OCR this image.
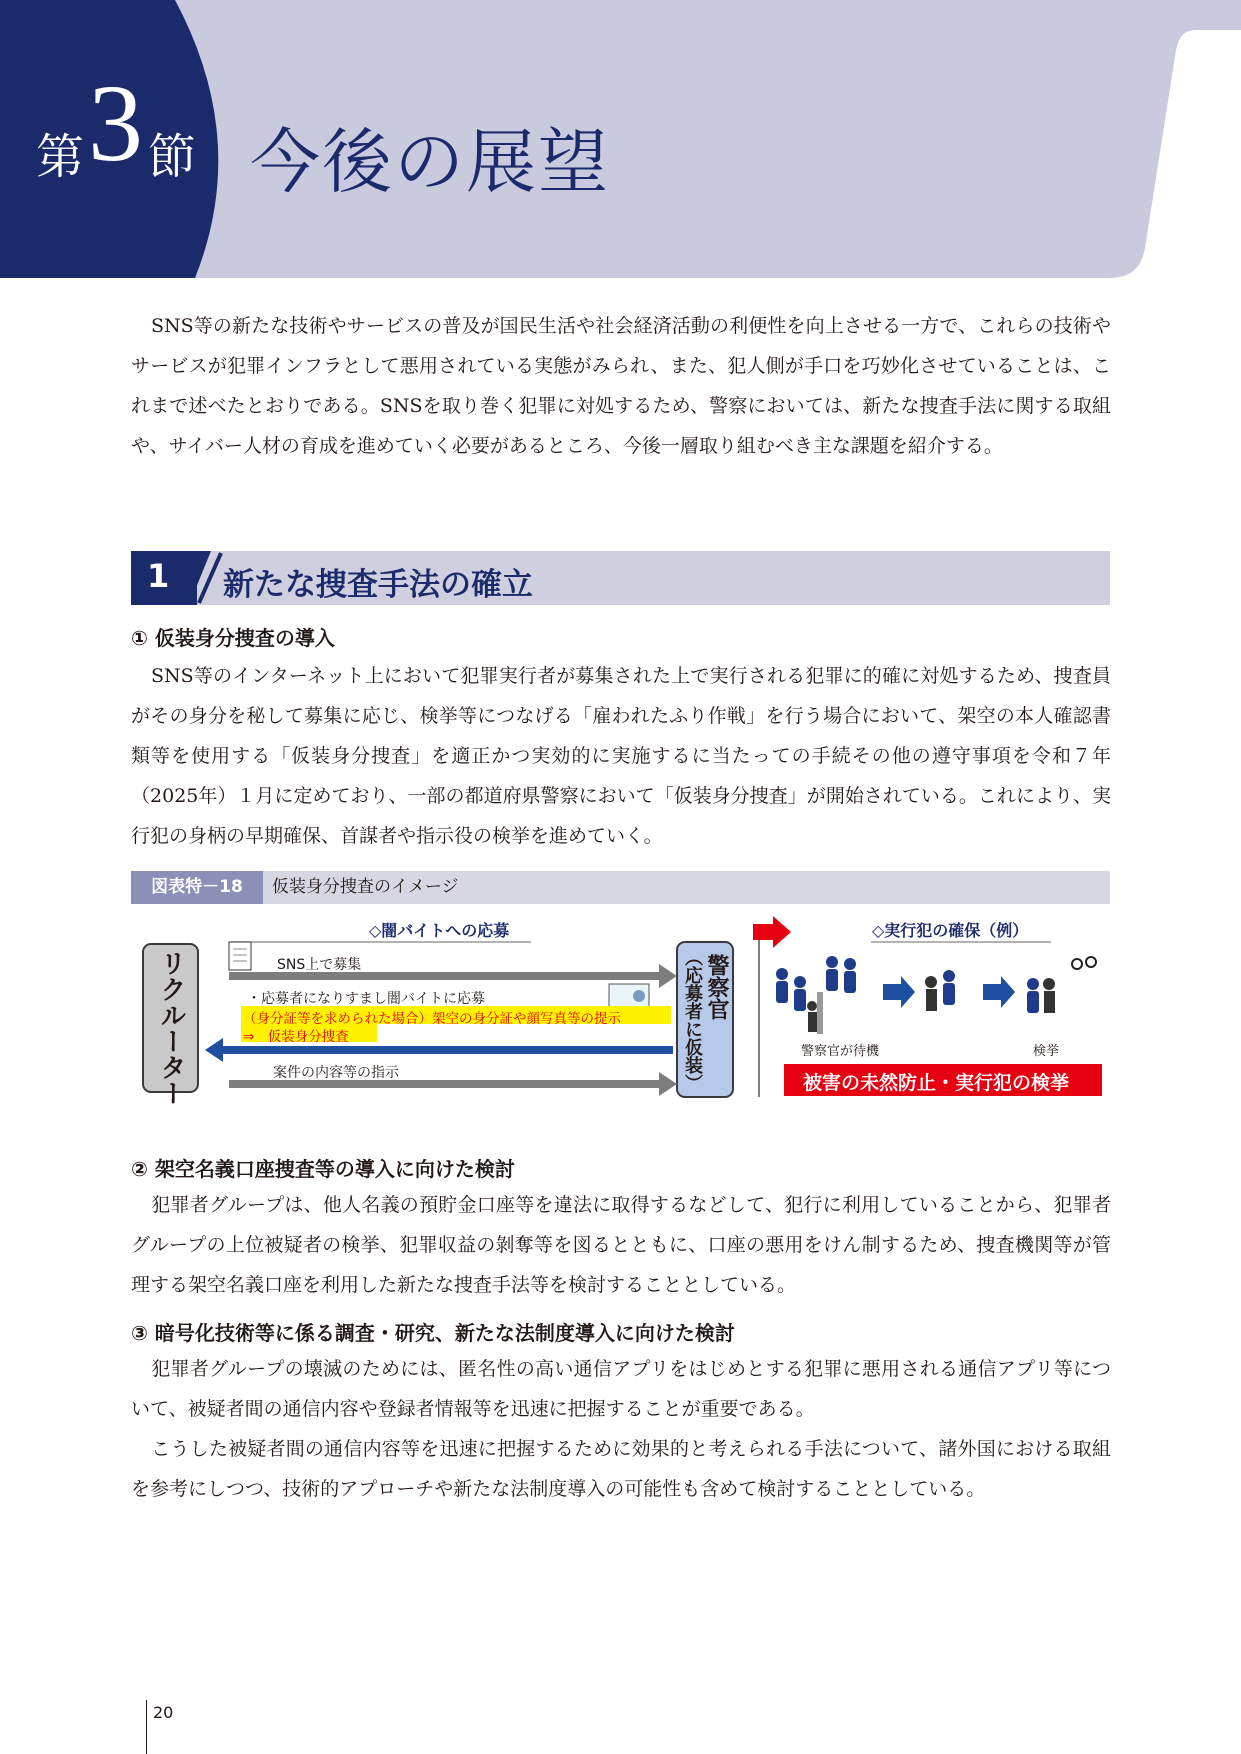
第 3 節 今後の展望

SNS等の新たな技術やサービスの普及が国民生活や社会経済活動の利便性を向上させる一方で、これらの技術やサービスが犯罪インフラとして悪用されている実態がみられ、また、犯人側が手口を巧妙化させていることは、これまで述べたとおりである。SNSを取り巻く犯罪に対処するため、警察においては、新たな捜査手法に関する取組や、サイバー人材の育成を進めていく必要があるところ、今後一層取り組むべき主な課題を紹介する。

1 新たな捜査手法の確立
① 仮装身分捜査の導入

SNS等のインターネット上において犯罪実行者が募集された上で実行される犯罪に的確に対処するため、捜査員がその身分を秘して募集に応じ、検挙等につなげる「雇われたふり作戦」を行う場合において、架空の本人確認書類等を使用する「仮装身分捜査」を適正かつ実効的に実施するに当たっての手続その他の遵守事項を令和７年（2025年）１月に定めており、一部の都道府県警察において「仮装身分捜査」が開始されている。これにより、実行犯の身柄の早期確保、首謀者や指示役の検挙を進めていく。

図表特－18	仮装身分捜査のイメージ
◇闇バイトへの応募	◇実行犯の確保（例）
リクルーター	警察官
（応募者に仮装）
SNS上で募集
・応募者になりすまし闇バイトに応募
（身分証等を求められた場合）架空の身分証や顔写真等の提示
⇒　仮装身分捜査
案件の内容等の指示
警察官が待機	検挙
被害の未然防止・実行犯の検挙
② 架空名義口座捜査等の導入に向けた検討

犯罪者グループは、他人名義の預貯金口座等を違法に取得するなどして、犯行に利用していることから、犯罪者グループの上位被疑者の検挙、犯罪収益の剝奪等を図るとともに、口座の悪用をけん制するため、捜査機関等が管理する架空名義口座を利用した新たな捜査手法等を検討することとしている。

③ 暗号化技術等に係る調査・研究、新たな法制度導入に向けた検討

犯罪者グループの壊滅のためには、匿名性の高い通信アプリをはじめとする犯罪に悪用される通信アプリ等について、被疑者間の通信内容や登録者情報等を迅速に把握することが重要である。

こうした被疑者間の通信内容等を迅速に把握するために効果的と考えられる手法について、諸外国における取組を参考にしつつ、技術的アプローチや新たな法制度導入の可能性も含めて検討することとしている。

20
